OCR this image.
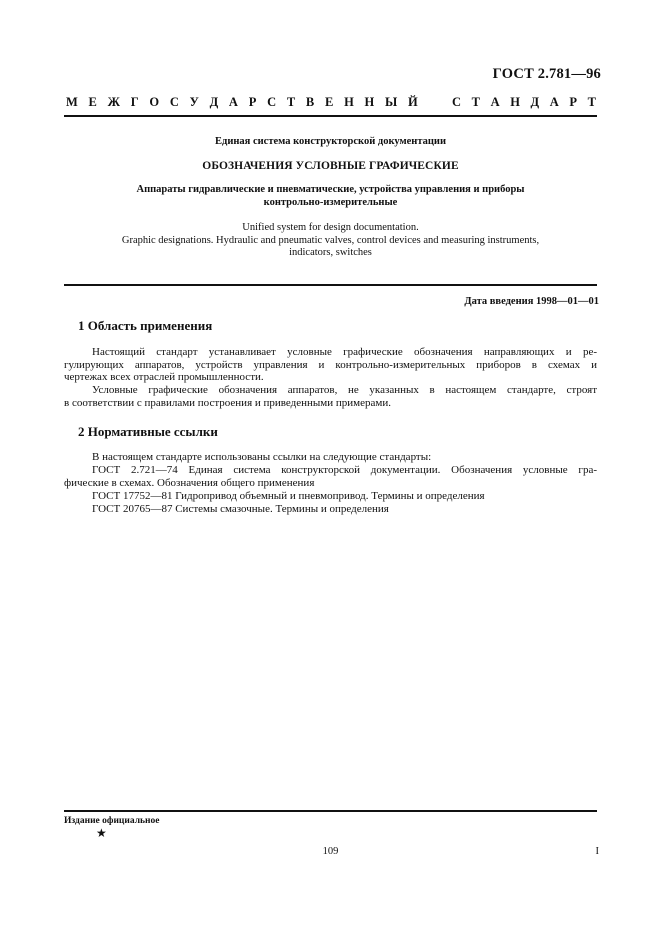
ГОСТ 2.781—96
М Е Ж Г О С У Д А Р С Т В Е Н Н Ы Й	С Т А Н Д А Р Т
Единая система конструкторской документации
ОБОЗНАЧЕНИЯ УСЛОВНЫЕ ГРАФИЧЕСКИЕ
Аппараты гидравлические и пневматические, устройства управления и приборы
контрольно-измерительные
Unified system for design documentation.
Graphic designations. Hydraulic and pneumatic valves, control devices and measuring instruments,
indicators, switches
Дата введения 1998—01—01
1 Область применения
Настоящий стандарт устанавливает условные графические обозначения направляющих и ре-
гулирующих аппаратов, устройств управления и контрольно-измерительных приборов в схемах и
чертежах всех отраслей промышленности.
Условные графические обозначения аппаратов, не указанных в настоящем стандарте, строят
в соответствии с правилами построения и приведенными примерами.
2 Нормативные ссылки
В настоящем стандарте использованы ссылки на следующие стандарты:
ГОСТ 2.721—74 Единая система конструкторской документации. Обозначения условные гра-
фические в схемах. Обозначения общего применения
ГОСТ 17752—81 Гидропривод объемный и пневмопривод. Термины и определения
ГОСТ 20765—87 Системы смазочные. Термины и определения
Издание официальное
★
109	I
